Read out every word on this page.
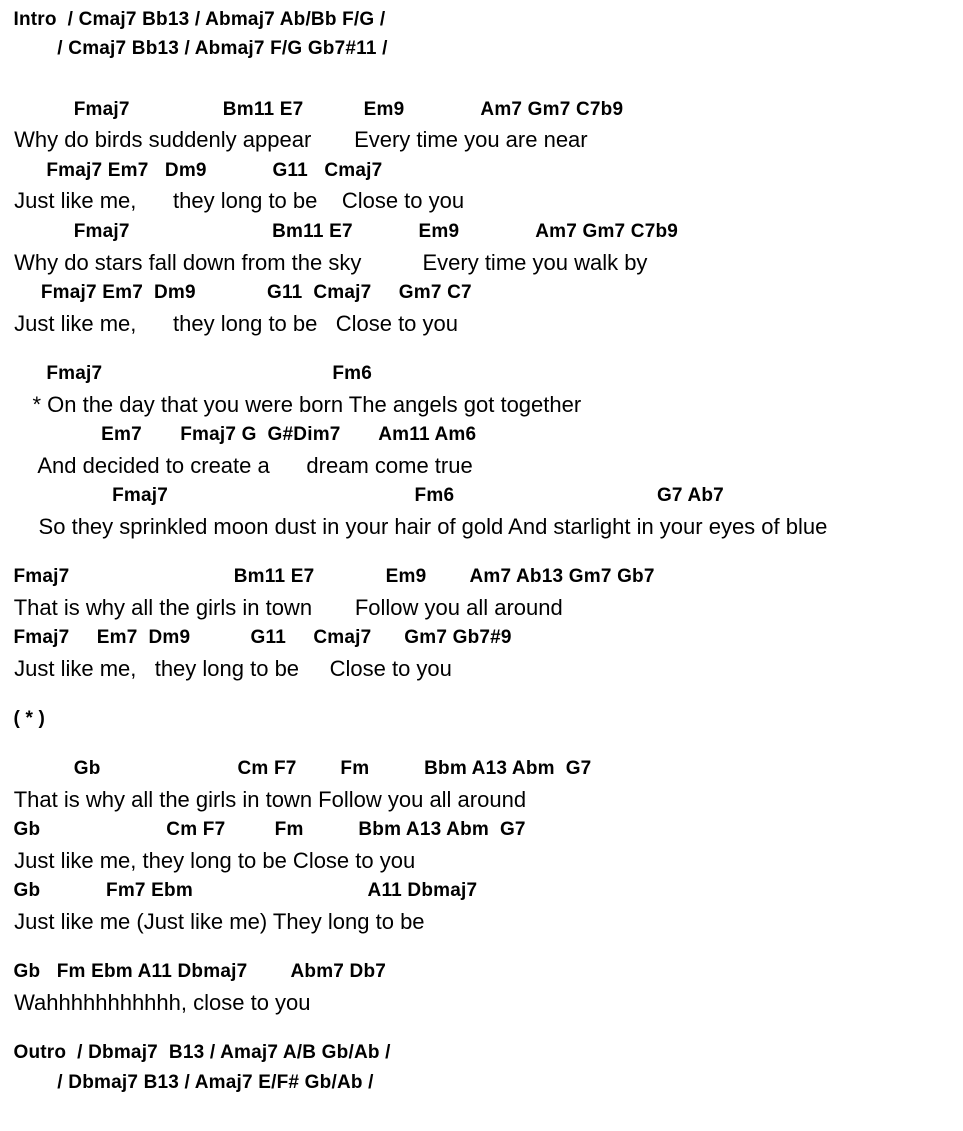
Intro  / Cmaj7 Bb13 / Abmaj7 Ab/Bb F/G /
/ Cmaj7 Bb13 / Abmaj7 F/G Gb7#11 /
Fmaj7                 Bm11 E7           Em9              Am7 Gm7 C7b9
Why do birds suddenly appear       Every time you are near
Fmaj7 Em7   Dm9            G11   Cmaj7
Just like me,      they long to be    Close to you
Fmaj7                          Bm11 E7            Em9              Am7 Gm7 C7b9
Why do stars fall down from the sky          Every time you walk by
Fmaj7 Em7  Dm9             G11  Cmaj7     Gm7 C7
Just like me,      they long to be   Close to you
Fmaj7                                          Fm6
* On the day that you were born The angels got together
Em7       Fmaj7 G  G#Dim7       Am11 Am6
And decided to create a      dream come true
Fmaj7                                             Fm6                                     G7 Ab7
So they sprinkled moon dust in your hair of gold And starlight in your eyes of blue
Fmaj7                              Bm11 E7             Em9        Am7 Ab13 Gm7 Gb7
That is why all the girls in town       Follow you all around
Fmaj7     Em7  Dm9           G11     Cmaj7      Gm7 Gb7#9
Just like me,   they long to be     Close to you
( * )
Gb                         Cm F7        Fm          Bbm A13 Abm  G7
That is why all the girls in town Follow you all around
Gb                       Cm F7         Fm          Bbm A13 Abm  G7
Just like me, they long to be Close to you
Gb            Fm7 Ebm                                A11 Dbmaj7
Just like me (Just like me) They long to be
Gb   Fm Ebm A11 Dbmaj7        Abm7 Db7
Wahhhhhhhhhhh, close to you
Outro  / Dbmaj7  B13 / Amaj7 A/B Gb/Ab /
/ Dbmaj7 B13 / Amaj7 E/F# Gb/Ab /
